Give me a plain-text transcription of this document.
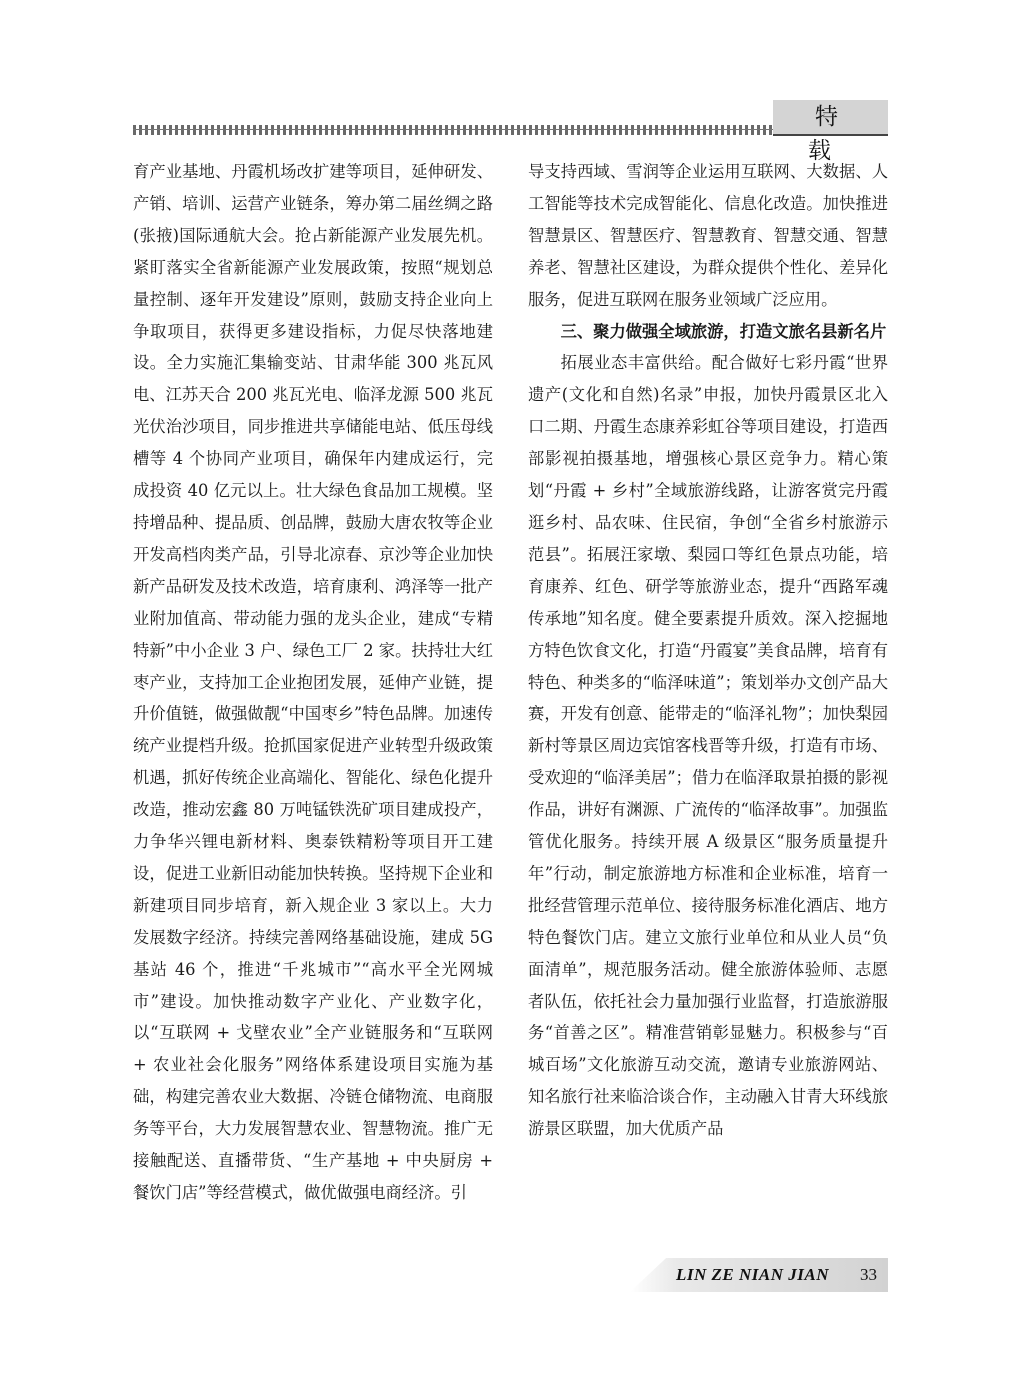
特 载

育产业基地、丹霞机场改扩建等项目，延伸研发、产销、培训、运营产业链条，筹办第二届丝绸之路(张掖)国际通航大会。抢占新能源产业发展先机。紧盯落实全省新能源产业发展政策，按照“规划总量控制、逐年开发建设”原则，鼓励支持企业向上争取项目，获得更多建设指标，力促尽快落地建设。全力实施汇集输变站、甘肃华能 300 兆瓦风电、江苏天合 200 兆瓦光电、临泽龙源 500 兆瓦光伏治沙项目，同步推进共享储能电站、低压母线槽等 4 个协同产业项目，确保年内建成运行，完成投资 40 亿元以上。壮大绿色食品加工规模。坚持增品种、提品质、创品牌，鼓励大唐农牧等企业开发高档肉类产品，引导北凉春、京沙等企业加快新产品研发及技术改造，培育康利、鸿泽等一批产业附加值高、带动能力强的龙头企业，建成“专精特新”中小企业 3 户、绿色工厂 2 家。扶持壮大红枣产业，支持加工企业抱团发展，延伸产业链，提升价值链，做强做靓“中国枣乡”特色品牌。加速传统产业提档升级。抢抓国家促进产业转型升级政策机遇，抓好传统企业高端化、智能化、绿色化提升改造，推动宏鑫 80 万吨锰铁洗矿项目建成投产，力争华兴锂电新材料、奥泰铁精粉等项目开工建设，促进工业新旧动能加快转换。坚持规下企业和新建项目同步培育，新入规企业 3 家以上。大力发展数字经济。持续完善网络基础设施，建成 5G 基站 46 个，推进“千兆城市”“高水平全光网城市”建设。加快推动数字产业化、产业数字化，以“互联网 + 戈壁农业”全产业链服务和“互联网 + 农业社会化服务”网络体系建设项目实施为基础，构建完善农业大数据、冷链仓储物流、电商服务等平台，大力发展智慧农业、智慧物流。推广无接触配送、直播带货、“生产基地 + 中央厨房 + 餐饮门店”等经营模式，做优做强电商经济。引

导支持西域、雪润等企业运用互联网、大数据、人工智能等技术完成智能化、信息化改造。加快推进智慧景区、智慧医疗、智慧教育、智慧交通、智慧养老、智慧社区建设，为群众提供个性化、差异化服务，促进互联网在服务业领域广泛应用。

三、聚力做强全域旅游，打造文旅名县新名片

拓展业态丰富供给。配合做好七彩丹霞“世界遗产(文化和自然)名录”申报，加快丹霞景区北入口二期、丹霞生态康养彩虹谷等项目建设，打造西部影视拍摄基地，增强核心景区竞争力。精心策划“丹霞 + 乡村”全域旅游线路，让游客赏完丹霞逛乡村、品农味、住民宿，争创“全省乡村旅游示范县”。拓展汪家墩、梨园口等红色景点功能，培育康养、红色、研学等旅游业态，提升“西路军魂传承地”知名度。健全要素提升质效。深入挖掘地方特色饮食文化，打造“丹霞宴”美食品牌，培育有特色、种类多的“临泽味道”；策划举办文创产品大赛，开发有创意、能带走的“临泽礼物”；加快梨园新村等景区周边宾馆客栈晋等升级，打造有市场、受欢迎的“临泽美居”；借力在临泽取景拍摄的影视作品，讲好有渊源、广流传的“临泽故事”。加强监管优化服务。持续开展 A 级景区“服务质量提升年”行动，制定旅游地方标准和企业标准，培育一批经营管理示范单位、接待服务标准化酒店、地方特色餐饮门店。建立文旅行业单位和从业人员“负面清单”，规范服务活动。健全旅游体验师、志愿者队伍，依托社会力量加强行业监督，打造旅游服务“首善之区”。精准营销彰显魅力。积极参与“百城百场”文化旅游互动交流，邀请专业旅游网站、知名旅行社来临洽谈合作，主动融入甘青大环线旅游景区联盟，加大优质产品

LIN ZE NIAN JIAN 33
